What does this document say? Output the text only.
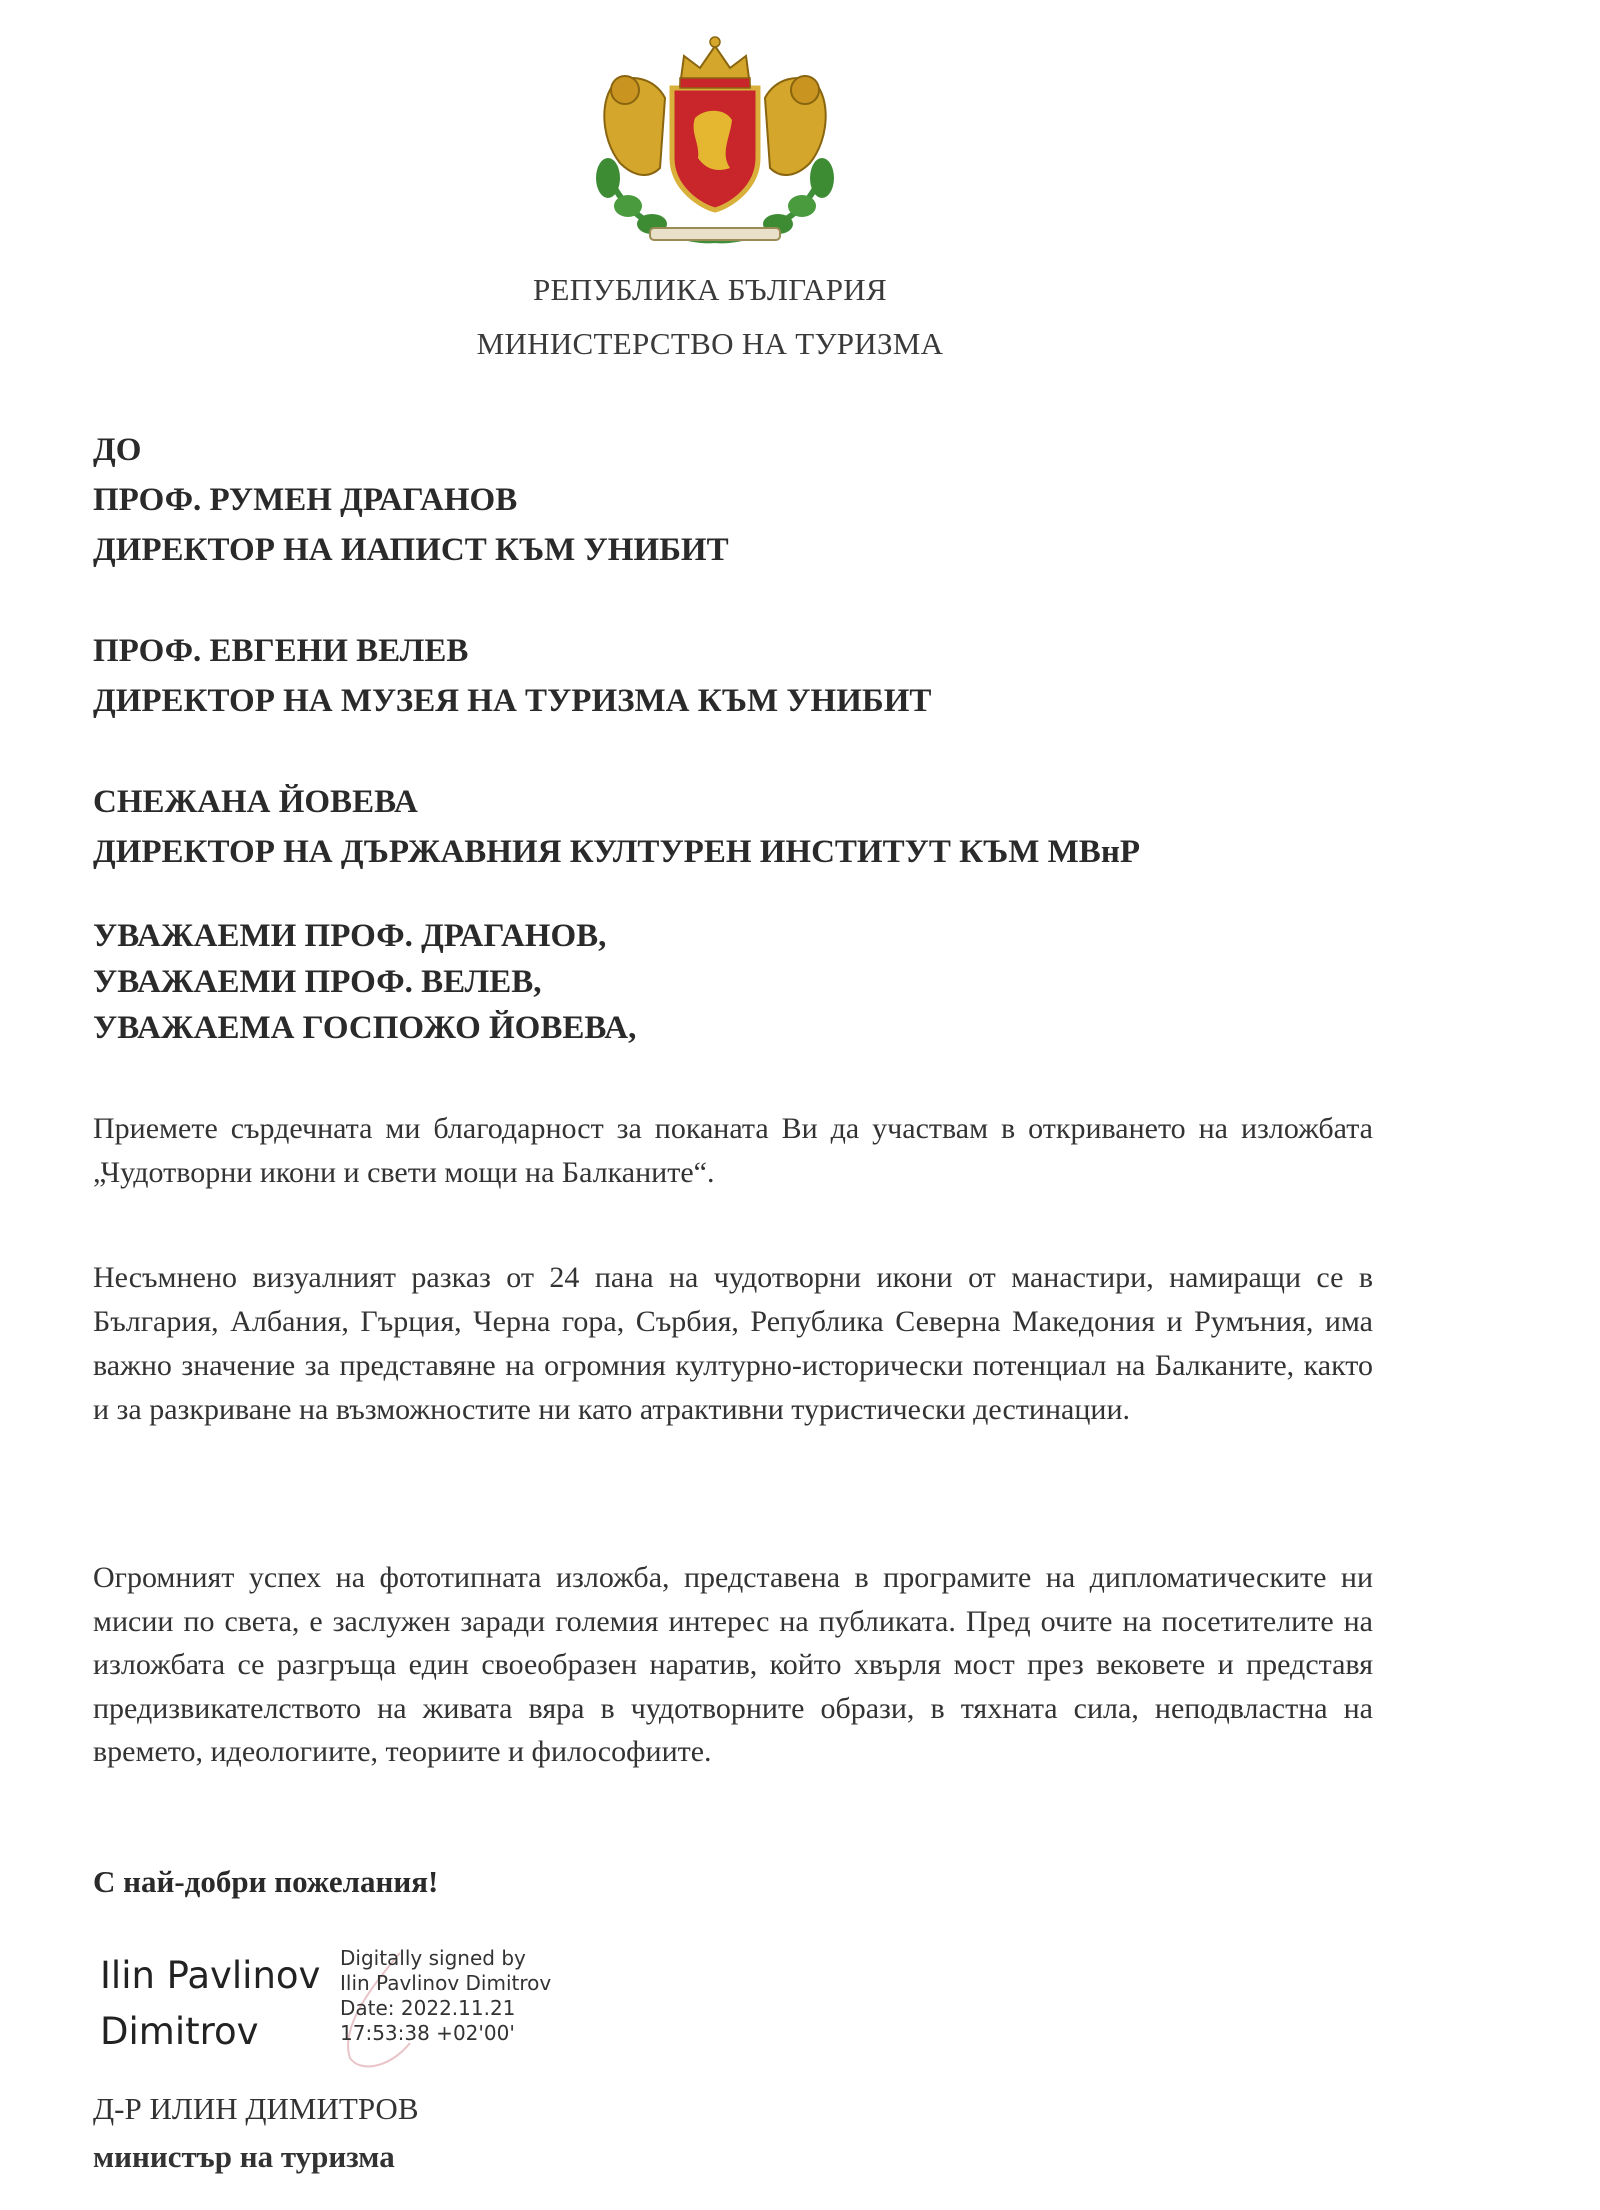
РЕПУБЛИКА БЪЛГАРИЯ
МИНИСТЕРСТВО НА ТУРИЗМА
ДО
ПРОФ. РУМЕН ДРАГАНОВ
ДИРЕКТОР НА ИАПИСТ КЪМ УНИБИТ
ПРОФ. ЕВГЕНИ ВЕЛЕВ
ДИРЕКТОР НА МУЗЕЯ НА ТУРИЗМА КЪМ УНИБИТ
СНЕЖАНА ЙОВЕВА
ДИРЕКТОР НА ДЪРЖАВНИЯ КУЛТУРЕН ИНСТИТУТ КЪМ МВнР
УВАЖАЕМИ ПРОФ. ДРАГАНОВ,
УВАЖАЕМИ ПРОФ. ВЕЛЕВ,
УВАЖАЕМА ГОСПОЖО ЙОВЕВА,
Приемете сърдечната ми благодарност за поканата Ви да участвам в откриването на изложбата „Чудотворни икони и свети мощи на Балканите“.
Несъмнено визуалният разказ от 24 пана на чудотворни икони от манастири, намиращи се в България, Албания, Гърция, Черна гора, Сърбия, Република Северна Македония и Румъния, има важно значение за представяне на огромния културно-исторически потенциал на Балканите, както и за разкриване на възможностите ни като атрактивни туристически дестинации.
Огромният успех на фототипната изложба, представена в програмите на дипломатическите ни мисии по света, е заслужен заради големия интерес на публиката. Пред очите на посетителите на изложбата се разгръща един своеобразен наратив, който хвърля мост през вековете и представя предизвикателството на живата вяра в чудотворните образи, в тяхната сила, неподвластна на времето, идеологиите, теориите и философиите.
С най-добри пожелания!
Ilin Pavlinov
Dimitrov
Digitally signed by
Ilin Pavlinov Dimitrov
Date: 2022.11.21
17:53:38 +02'00'
Д-Р ИЛИН ДИМИТРОВ
министър на туризма
